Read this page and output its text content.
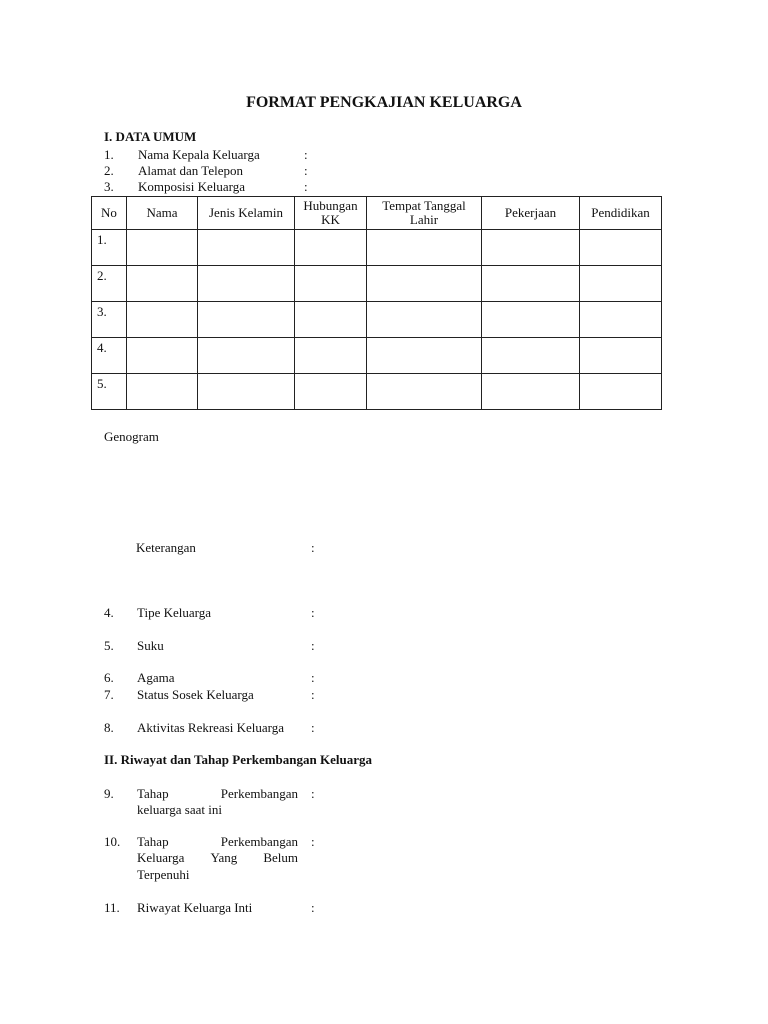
FORMAT PENGKAJIAN KELUARGA
I. DATA UMUM
1. Nama Kepala Keluarga	:
2. Alamat dan Telepon	:
3. Komposisi Keluarga	:
No	Nama	Jenis Kelamin	Hubungan KK	Tempat Tanggal Lahir	Pekerjaan	Pendidikan
1.						
2.						
3.						
4.						
5.						
Genogram
Keterangan	:
4. Tipe Keluarga	:
5. Suku	:
6. Agama	:
7. Status Sosek Keluarga	:
8. Aktivitas Rekreasi Keluarga :
II. Riwayat dan Tahap Perkembangan Keluarga
9. Tahap	Perkembangan
keluarga saat ini
:
10. Tahap	Perkembangan
Keluarga Yang Belum
Terpenuhi
:
11. Riwayat Keluarga Inti	:
